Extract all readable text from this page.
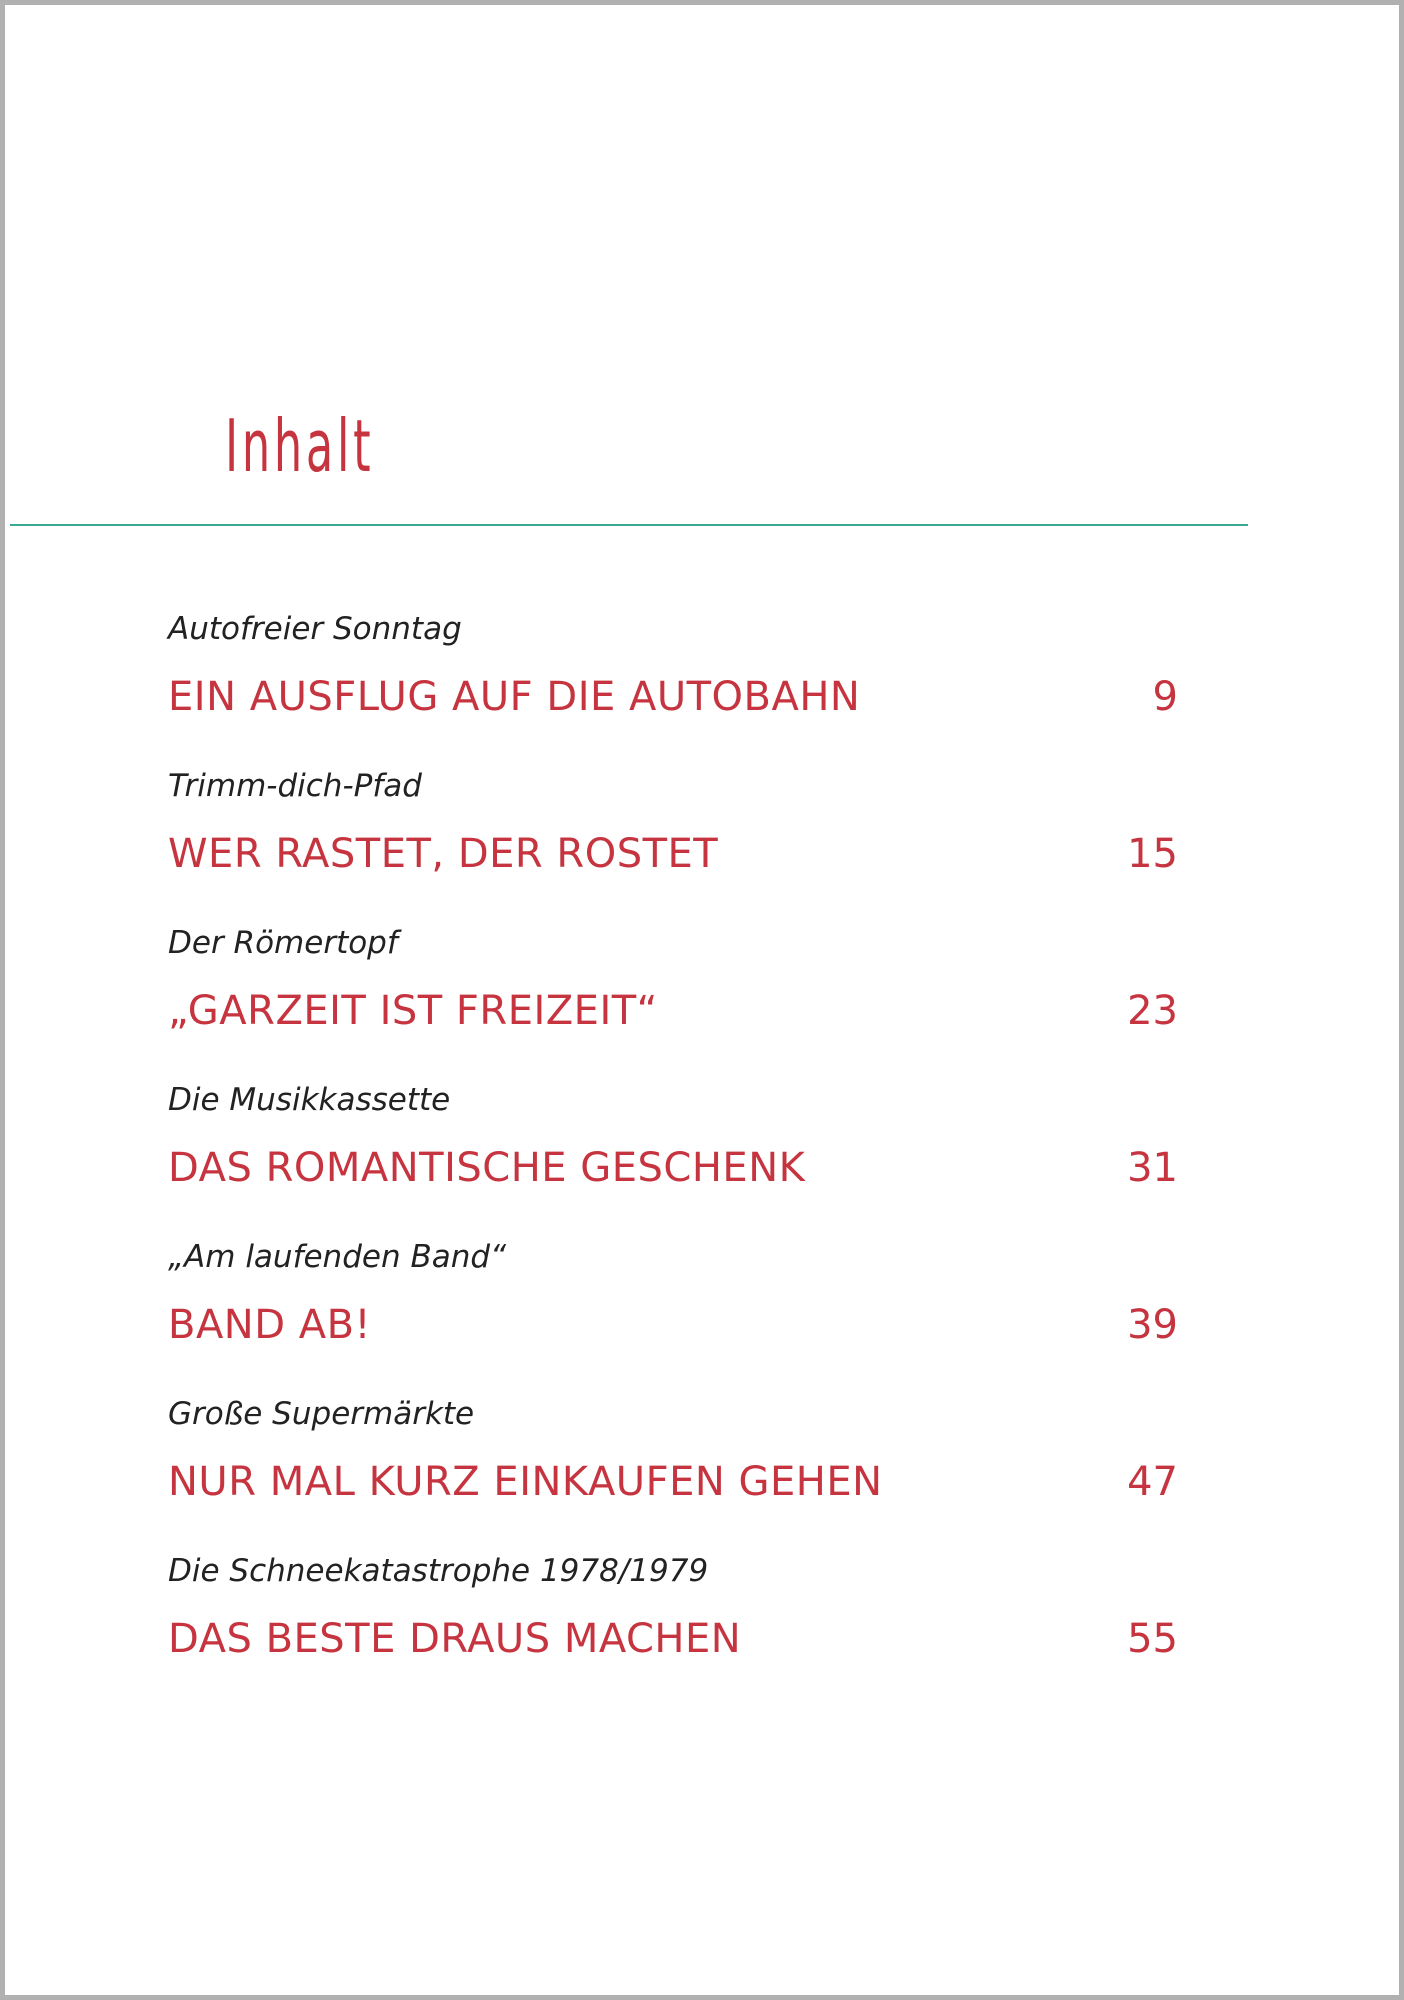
Inhalt
Autofreier Sonntag
EIN AUSFLUG AUF DIE AUTOBAHN	9
Trimm-dich-Pfad
WER RASTET, DER ROSTET	15
Der Römertopf
„GARZEIT IST FREIZEIT“	23
Die Musikkassette
DAS ROMANTISCHE GESCHENK	31
„Am laufenden Band“
BAND AB!	39
Große Supermärkte
NUR MAL KURZ EINKAUFEN GEHEN	47
Die Schneekatastrophe 1978/1979
DAS BESTE DRAUS MACHEN	55
